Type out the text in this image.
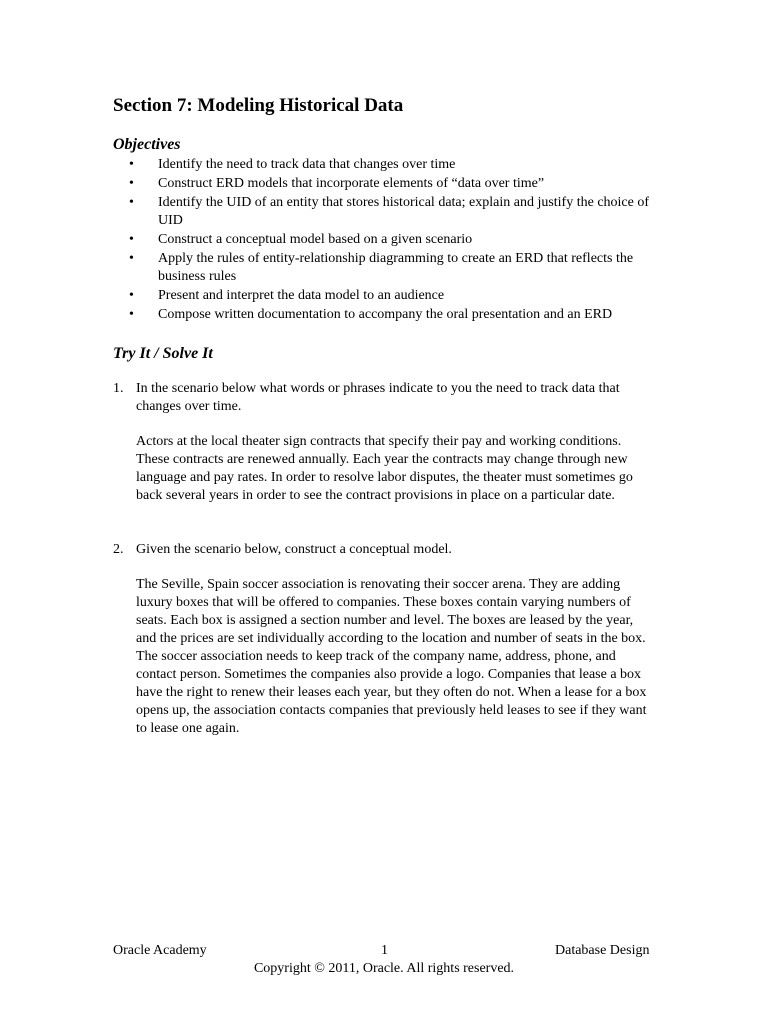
Section 7: Modeling Historical Data
Objectives
• Identify the need to track data that changes over time
• Construct ERD models that incorporate elements of “data over time”
• Identify the UID of an entity that stores historical data; explain and justify the choice of UID
• Construct a conceptual model based on a given scenario
• Apply the rules of entity-relationship diagramming to create an ERD that reflects the business rules
• Present and interpret the data model to an audience
• Compose written documentation to accompany the oral presentation and an ERD
Try It / Solve It
1. In the scenario below what words or phrases indicate to you the need to track data that changes over time.
Actors at the local theater sign contracts that specify their pay and working conditions. These contracts are renewed annually. Each year the contracts may change through new language and pay rates. In order to resolve labor disputes, the theater must sometimes go back several years in order to see the contract provisions in place on a particular date.
2. Given the scenario below, construct a conceptual model.
The Seville, Spain soccer association is renovating their soccer arena. They are adding luxury boxes that will be offered to companies. These boxes contain varying numbers of seats. Each box is assigned a section number and level. The boxes are leased by the year, and the prices are set individually according to the location and number of seats in the box. The soccer association needs to keep track of the company name, address, phone, and contact person. Sometimes the companies also provide a logo. Companies that lease a box have the right to renew their leases each year, but they often do not. When a lease for a box opens up, the association contacts companies that previously held leases to see if they want to lease one again.
Oracle Academy	1	Database Design
Copyright © 2011, Oracle. All rights reserved.
